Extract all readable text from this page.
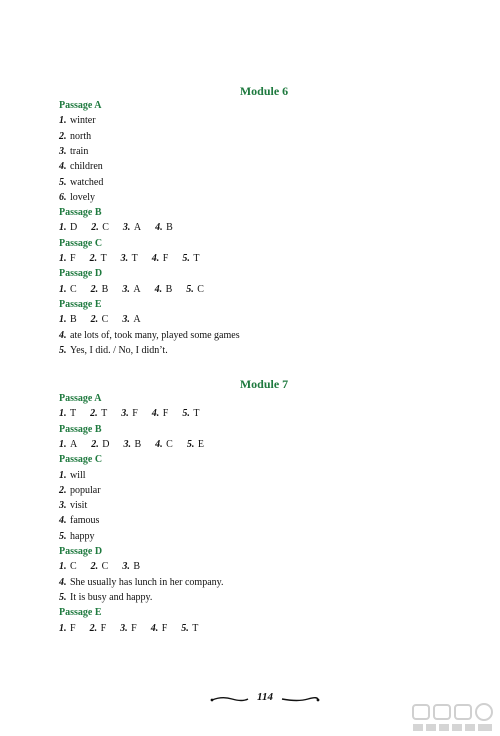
Module 6
Passage A
1. winter
2. north
3. train
4. children
5. watched
6. lovely
Passage B
1. D 2. C 3. A 4. B
Passage C
1. F 2. T 3. T 4. F 5. T
Passage D
1. C 2. B 3. A 4. B 5. C
Passage E
1. B 2. C 3. A
4. ate lots of, took many, played some games
5. Yes, I did. / No, I didn’t.
Module 7
Passage A
1. T 2. T 3. F 4. F 5. T
Passage B
1. A 2. D 3. B 4. C 5. E
Passage C
1. will
2. popular
3. visit
4. famous
5. happy
Passage D
1. C 2. C 3. B
4. She usually has lunch in her company.
5. It is busy and happy.
Passage E
1. F 2. F 3. F 4. F 5. T
114
